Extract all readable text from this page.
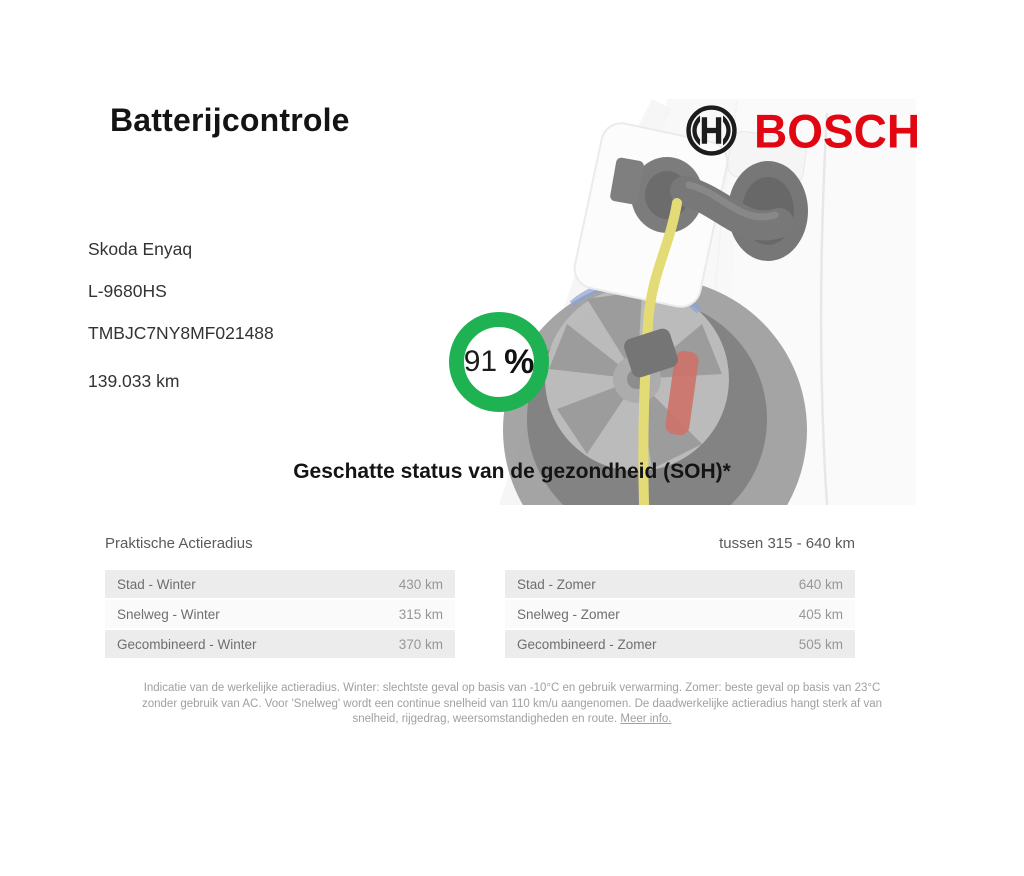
Batterijcontrole	BOSCH
Skoda Enyaq
L-9680HS
TMBJC7NY8MF021488
139.033 km
91 %
Geschatte status van de gezondheid (SOH)*
Praktische Actieradius	tussen 315 - 640 km
Stad - Winter	430 km
Snelweg - Winter	315 km
Gecombineerd - Winter	370 km
Stad - Zomer	640 km
Snelweg - Zomer	405 km
Gecombineerd - Zomer	505 km
Indicatie van de werkelijke actieradius. Winter: slechtste geval op basis van -10°C en gebruik verwarming. Zomer: beste geval op basis van 23°C zonder gebruik van AC. Voor 'Snelweg' wordt een continue snelheid van 110 km/u aangenomen. De daadwerkelijke actieradius hangt sterk af van snelheid, rijgedrag, weersomstandigheden en route. Meer info.
